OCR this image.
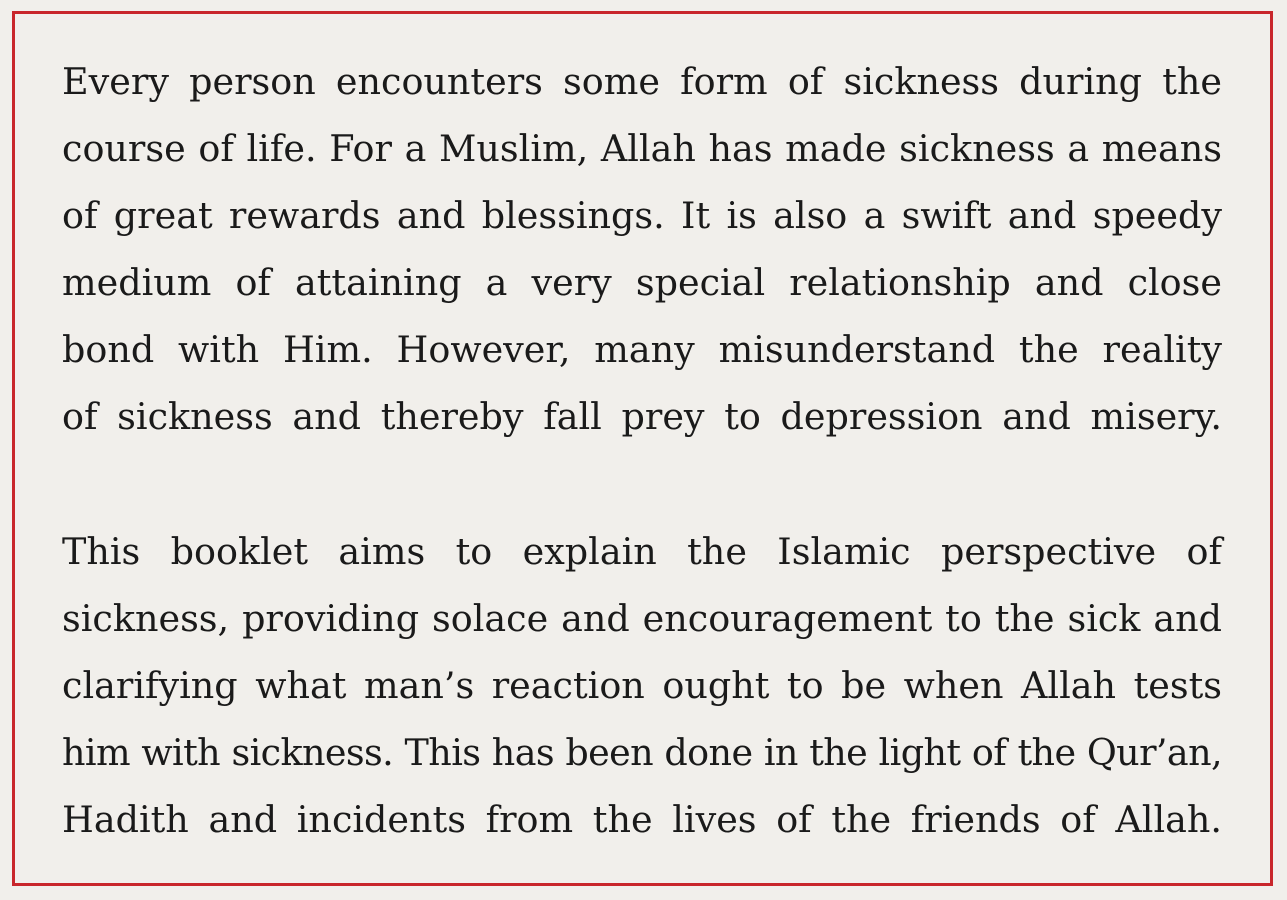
Every person encounters some form of sickness during the
course of life. For a Muslim, Allah has made sickness a means
of great rewards and blessings. It is also a swift and speedy
medium of attaining a very special relationship and close
bond with Him. However, many misunderstand the reality
of sickness and thereby fall prey to depression and misery.
This booklet aims to explain the Islamic perspective of
sickness, providing solace and encouragement to the sick and
clarifying what man’s reaction ought to be when Allah tests
him with sickness. This has been done in the light of the Qur’an,
Hadith and incidents from the lives of the friends of Allah.
